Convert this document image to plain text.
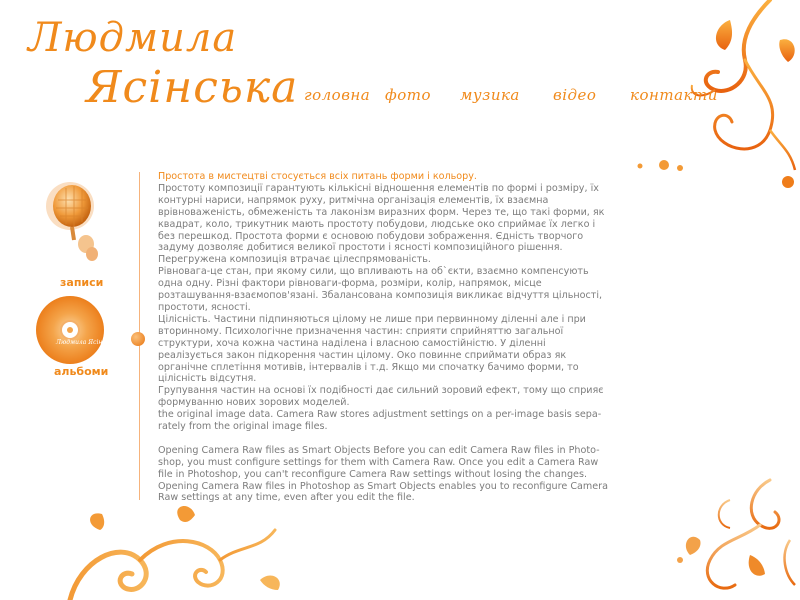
Людмила
Ясінська головна фото музика відео контакти
записи
Людмила Ясінська
альбоми

Простота в мистецтві стосується всіх питань форми і кольору.

Простоту композиції гарантують кількісні відношення елементів по формі і розміру, їх контурні нариси, напрямок руху, ритмічна організація елементів, їх взаємна врівноваженість, обмеженість та лаконізм виразних форм. Через те, що такі форми, як квадрат, коло, трикутник мають простоту побудови, людське око сприймає їх легко і без перешкод. Простота форми є основою побудови зображення. Єдність творчого задуму дозволяє добитися великої простоти і ясності композиційного рішення. Перегружена композиція втрачає цілеспрямованість.

Рівновага-це стан, при якому сили, що впливають на об`єкти, взаємно компенсують одна одну. Різні фактори рівноваги-форма, розміри, колір, напрямок, місце розташування-взаємопов'язані. Збалансована композиція викликає відчуття цільності, простоти, ясності.

Цілісність. Частини підпиняються цілому не лише при первинному діленні але і при вторинному. Психологічне призначення частин: сприяти сприйняттю загальної структури, хоча кожна частина наділена і власною самостійністю. У діленні реалізується закон підкорення частин цілому. Око повинне сприймати образ як органічне сплетіння мотивів, інтервалів і т.д. Якщо ми спочатку бачимо форми, то цілісність відсутня.

Групування частин на основі їх подібності дає сильний зоровий ефект, тому що сприяє формуванню нових зорових моделей.

the original image data. Camera Raw stores adjustment settings on a per-image basis sepa-rately from the original image files.

Opening Camera Raw files as Smart Objects Before you can edit Camera Raw files in Photo-shop, you must configure settings for them with Camera Raw. Once you edit a Camera Raw file in Photoshop, you can't reconfigure Camera Raw settings without losing the changes. Opening Camera Raw files in Photoshop as Smart Objects enables you to reconfigure Camera Raw settings at any time, even after you edit the file.
